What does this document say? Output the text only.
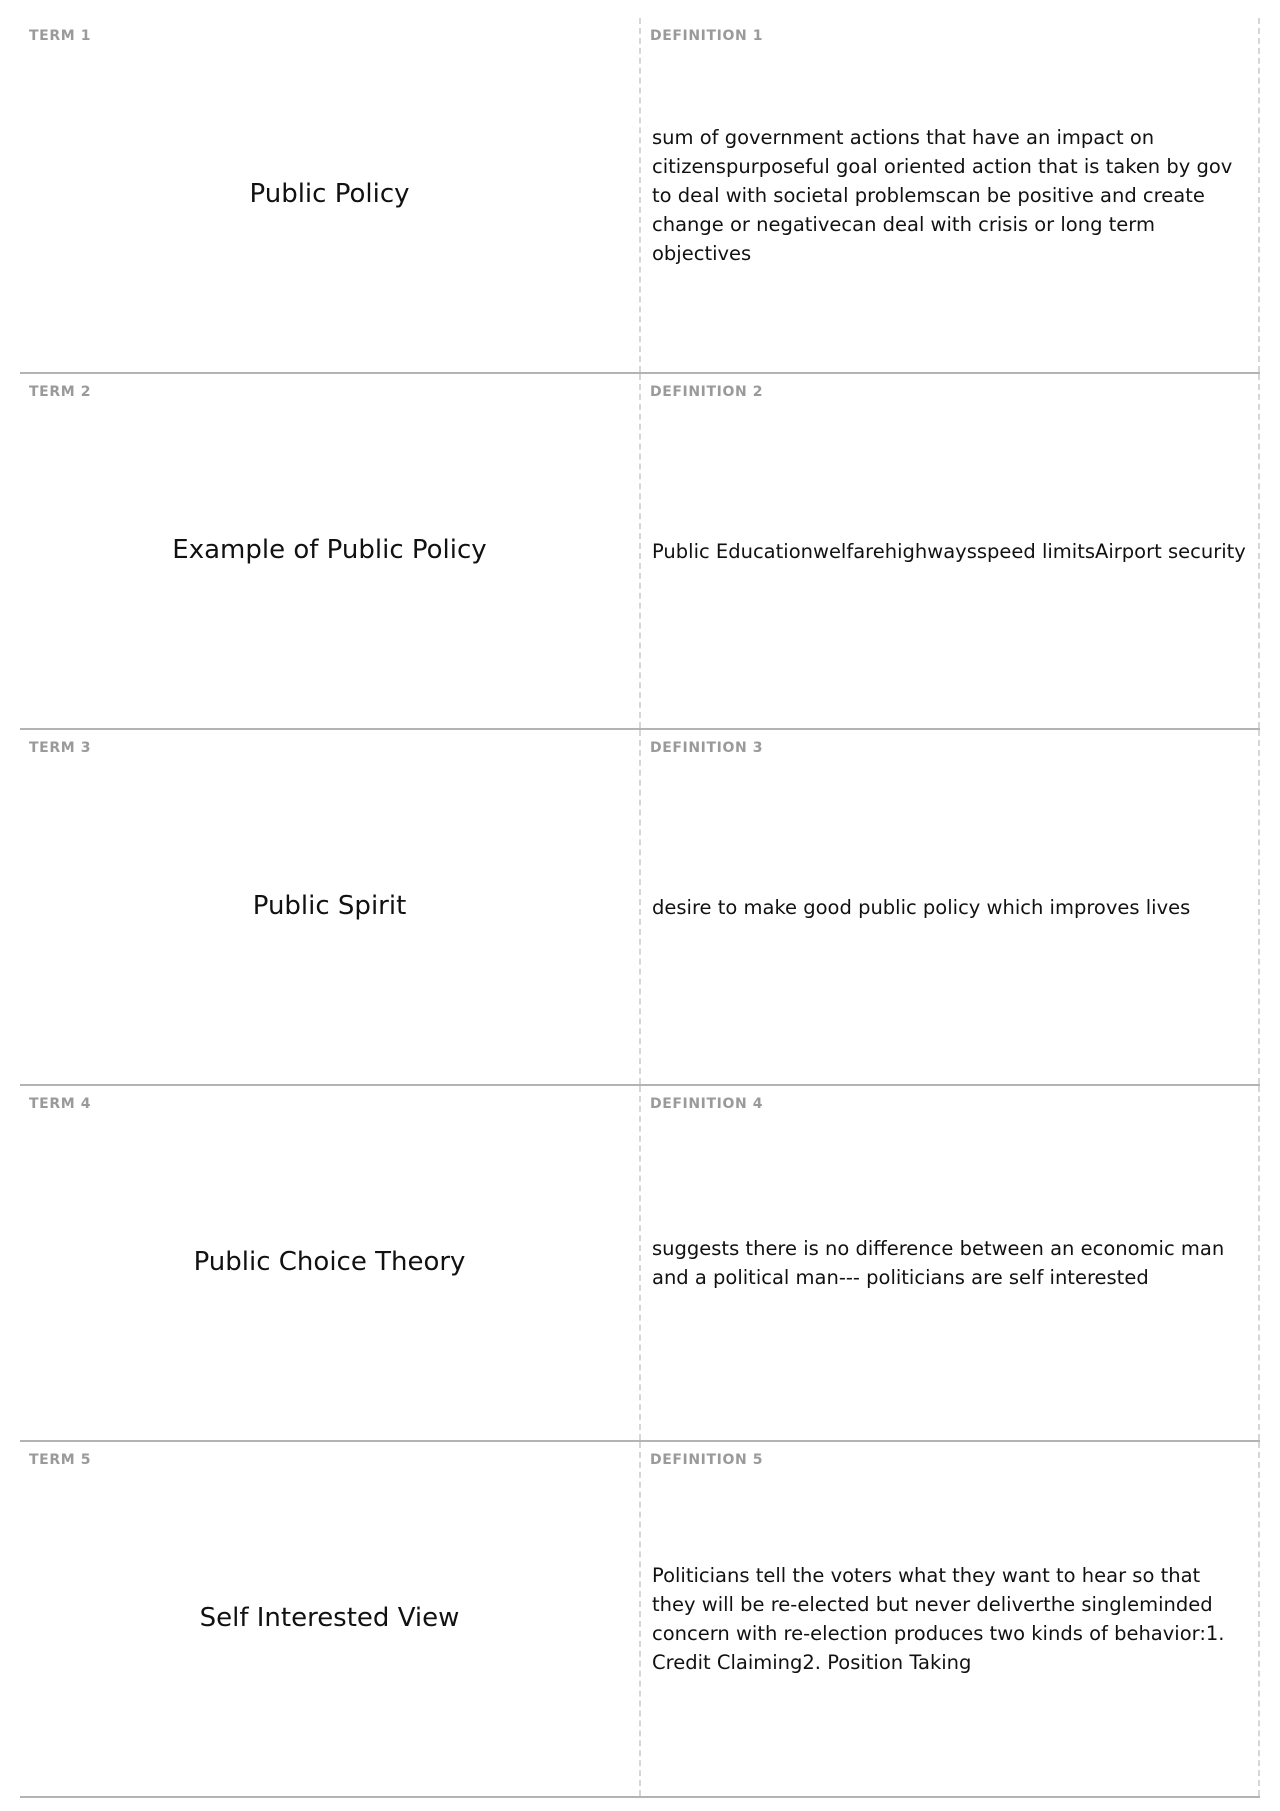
TERM 1
Public Policy
DEFINITION 1
sum of government actions that have an impact on citizenspurposeful goal oriented action that is taken by gov to deal with societal problemscan be positive and create change or negativecan deal with crisis or long term objectives
TERM 2
Example of Public Policy
DEFINITION 2
Public Educationwelfarehighwaysspeed limitsAirport security
TERM 3
Public Spirit
DEFINITION 3
desire to make good public policy which improves lives
TERM 4
Public Choice Theory
DEFINITION 4
suggests there is no difference between an economic man and a political man--- politicians are self interested
TERM 5
Self Interested View
DEFINITION 5
Politicians tell the voters what they want to hear so that they will be re-elected but never deliverthe singleminded concern with re-election produces two kinds of behavior:1. Credit Claiming2. Position Taking
